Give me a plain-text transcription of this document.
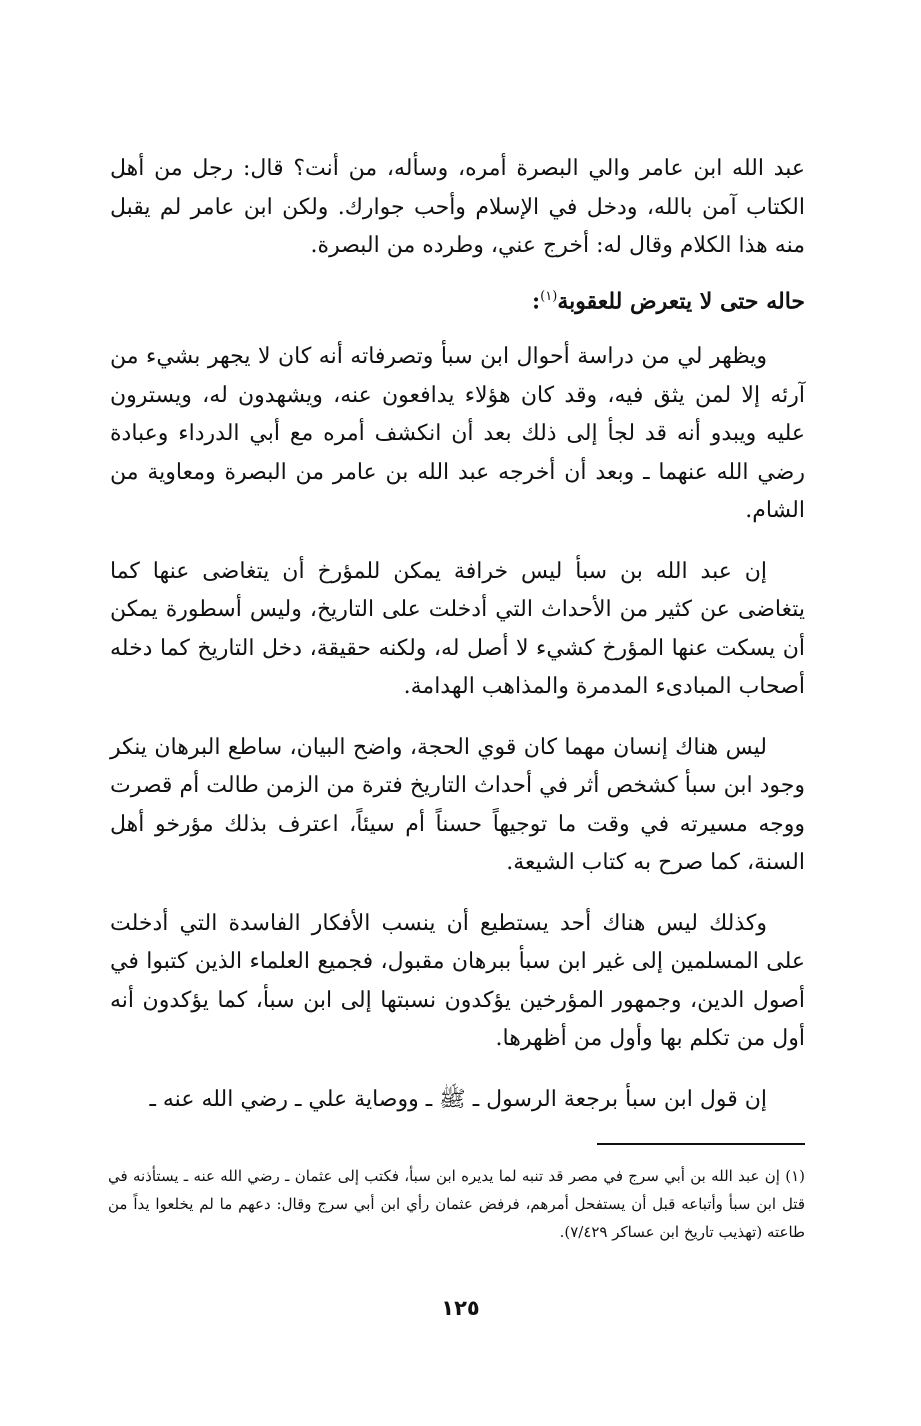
عبد الله ابن عامر والي البصرة أمره، وسأله، من أنت؟ قال: رجل من أهل الكتاب آمن بالله، ودخل في الإسلام وأحب جوارك. ولكن ابن عامر لم يقبل منه هذا الكلام وقال له: أخرج عني، وطرده من البصرة.

حاله حتى لا يتعرض للعقوبة$^{(١)}$:

ويظهر لي من دراسة أحوال ابن سبأ وتصرفاته أنه كان لا يجهر بشيء من آرئه إلا لمن يثق فيه، وقد كان هؤلاء يدافعون عنه، ويشهدون له، ويسترون عليه ويبدو أنه قد لجأ إلى ذلك بعد أن انكشف أمره مع أبي الدرداء وعبادة رضي الله عنهما ـ وبعد أن أخرجه عبد الله بن عامر من البصرة ومعاوية من الشام.

إن عبد الله بن سبأ ليس خرافة يمكن للمؤرخ أن يتغاضى عنها كما يتغاضى عن كثير من الأحداث التي أدخلت على التاريخ، وليس أسطورة يمكن أن يسكت عنها المؤرخ كشيء لا أصل له، ولكنه حقيقة، دخل التاريخ كما دخله أصحاب المبادىء المدمرة والمذاهب الهدامة.

ليس هناك إنسان مهما كان قوي الحجة، واضح البيان، ساطع البرهان ينكر وجود ابن سبأ كشخص أثر في أحداث التاريخ فترة من الزمن طالت أم قصرت ووجه مسيرته في وقت ما توجيهاً حسناً أم سيئاً، اعترف بذلك مؤرخو أهل السنة، كما صرح به كتاب الشيعة.

وكذلك ليس هناك أحد يستطيع أن ينسب الأفكار الفاسدة التي أدخلت على المسلمين إلى غير ابن سبأ ببرهان مقبول، فجميع العلماء الذين كتبوا في أصول الدين، وجمهور المؤرخين يؤكدون نسبتها إلى ابن سبأ، كما يؤكدون أنه أول من تكلم بها وأول من أظهرها.

إن قول ابن سبأ برجعة الرسول ـ ﷺ ـ ووصاية علي ـ رضي الله عنه ـ

(١) إن عبد الله بن أبي سرج في مصر قد تنبه لما يديره ابن سبأ، فكتب إلى عثمان ـ رضي الله عنه ـ يستأذنه في قتل ابن سبأ وأتباعه قبل أن يستفحل أمرهم، فرفض عثمان رأي ابن أبي سرج وقال: دعهم ما لم يخلعوا يداً من طاعته (تهذيب تاريخ ابن عساكر ٧/٤٢٩).
١٢٥
